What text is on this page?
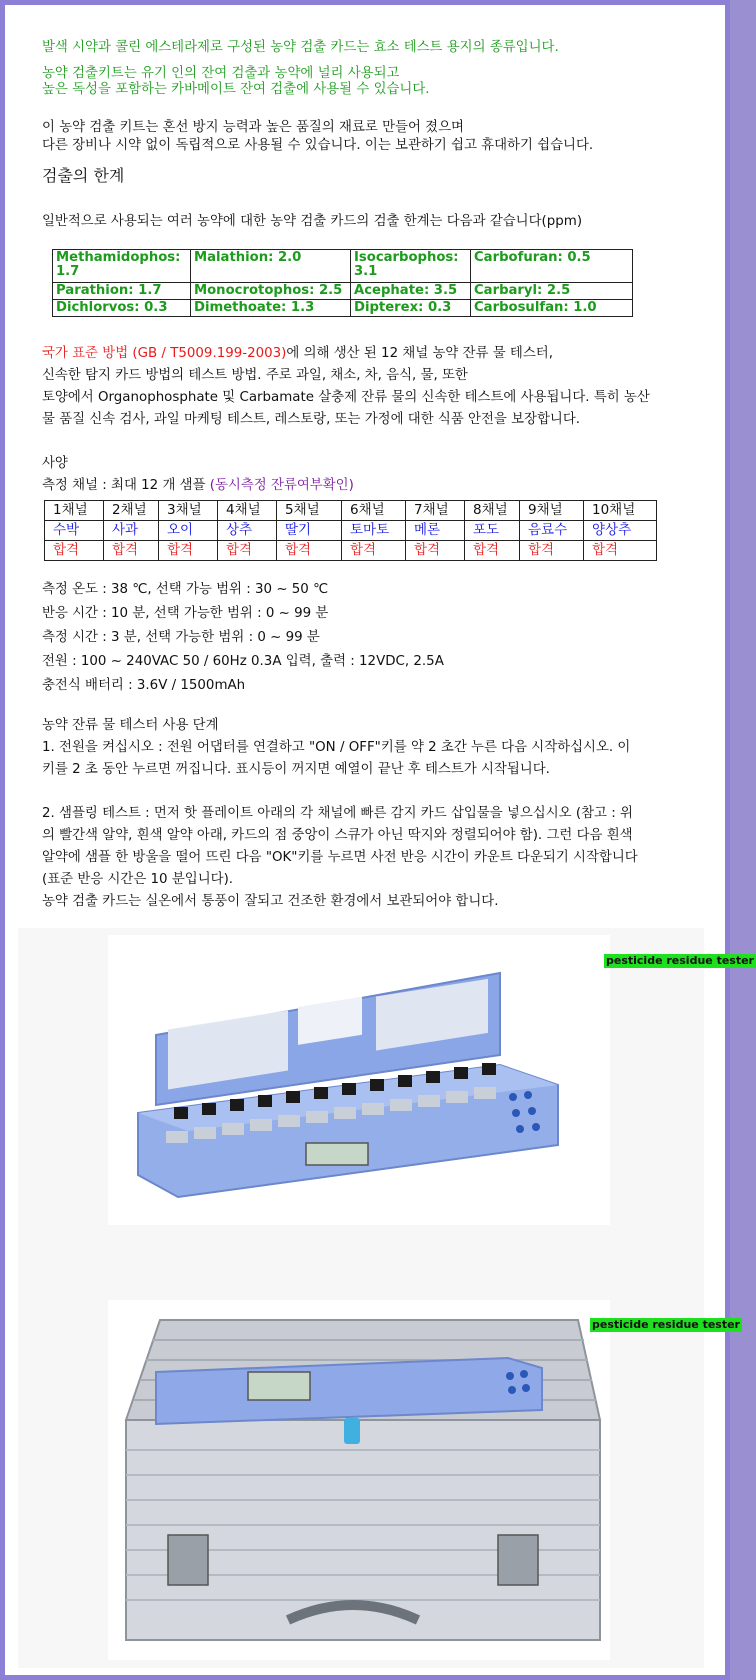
발색 시약과 콜린 에스테라제로 구성된 농약 검출 카드는 효소 테스트 용지의 종류입니다.

농약 검출키트는 유기 인의 잔여 검출과 농약에 널리 사용되고

높은 독성을 포함하는 카바메이트 잔여 검출에 사용될 수 있습니다.

이 농약 검출 키트는 혼선 방지 능력과 높은 품질의 재료로 만들어 졌으며

다른 장비나 시약 없이 독립적으로 사용될 수 있습니다. 이는 보관하기 쉽고 휴대하기 쉽습니다.

검출의 한계

일반적으로 사용되는 여러 농약에 대한 농약 검출 카드의 검출 한계는 다음과 같습니다(ppm)

Methamidophos: 1.7	Malathion: 2.0	Isocarbophos: 3.1	Carbofuran: 0.5
Parathion: 1.7	Monocrotophos: 2.5	Acephate: 3.5	Carbaryl: 2.5
Dichlorvos: 0.3	Dimethoate: 1.3	Dipterex: 0.3	Carbosulfan: 1.0

국가 표준 방법 (GB / T5009.199-2003)에 의해 생산 된 12 채널 농약 잔류 물 테스터,

신속한 탐지 카드 방법의 테스트 방법. 주로 과일, 채소, 차, 음식, 물, 또한

토양에서 Organophosphate 및 Carbamate 살충제 잔류 물의 신속한 테스트에 사용됩니다. 특히 농산

물 품질 신속 검사, 과일 마케팅 테스트, 레스토랑, 또는 가정에 대한 식품 안전을 보장합니다.

사양

측정 채널 : 최대 12 개 샘플 (동시측정 잔류여부확인)

1채널	2채널	3채널	4채널	5채널	6채널	7채널	8채널	9채널	10채널
수박	사과	오이	상추	딸기	토마토	메론	포도	음료수	양상추
합격	합격	합격	합격	합격	합격	합격	합격	합격	합격

측정 온도 : 38 ℃, 선택 가능 범위 : 30 ~ 50 ℃

반응 시간 : 10 분, 선택 가능한 범위 : 0 ~ 99 분

측정 시간 : 3 분, 선택 가능한 범위 : 0 ~ 99 분

전원 : 100 ~ 240VAC 50 / 60Hz 0.3A 입력, 출력 : 12VDC, 2.5A

충전식 배터리 : 3.6V / 1500mAh

농약 잔류 물 테스터 사용 단계

1. 전원을 켜십시오 : 전원 어댑터를 연결하고 "ON / OFF"키를 약 2 초간 누른 다음 시작하십시오. 이

키를 2 초 동안 누르면 꺼집니다. 표시등이 꺼지면 예열이 끝난 후 테스트가 시작됩니다.

2. 샘플링 테스트 : 먼저 핫 플레이트 아래의 각 채널에 빠른 감지 카드 삽입물을 넣으십시오 (참고 : 위

의 빨간색 알약, 흰색 알약 아래, 카드의 점 중앙이 스큐가 아닌 딱지와 정렬되어야 함). 그런 다음 흰색

알약에 샘플 한 방울을 떨어 뜨린 다음 "OK"키를 누르면 사전 반응 시간이 카운트 다운되기 시작합니다

(표준 반응 시간은 10 분입니다).

농약 검출 카드는 실온에서 통풍이 잘되고 건조한 환경에서 보관되어야 합니다.

pesticide residue tester
pesticide residue tester
